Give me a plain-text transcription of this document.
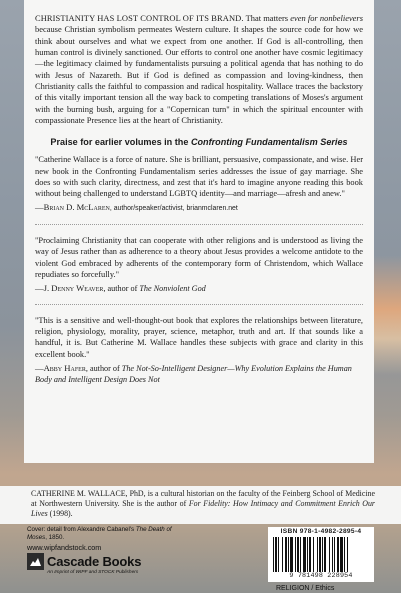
CHRISTIANITY HAS LOST CONTROL OF ITS BRAND. That matters even for nonbelievers because Christian symbolism permeates Western culture. It shapes the source code for how we think about ourselves and what we expect from one another. If God is all-controlling, then human control is divinely sanctioned. Our efforts to control one another have cosmic legitimacy—the legitimacy claimed by fundamentalists pursuing a political agenda that has nothing to do with Jesus of Nazareth. But if God is defined as compassion and loving-kindness, then Christianity calls the faithful to compassion and radical hospitality. Wallace traces the backstory of this vitally important tension all the way back to competing translations of Moses's argument with the burning bush, arguing for a "Copernican turn" in which the spiritual encounter with compassionate Presence lies at the heart of Christianity.

Praise for earlier volumes in the Confronting Fundamentalism Series

"Catherine Wallace is a force of nature. She is brilliant, persuasive, compassionate, and wise. Her new book in the Confronting Fundamentalism series addresses the issue of gay marriage. She does so with such clarity, directness, and zest that it's hard to imagine anyone reading this book without being challenged to understand LGBTQ identity—and marriage—afresh and anew."

—Brian D. McLaren, author/speaker/activist, brianmclaren.net

"Proclaiming Christianity that can cooperate with other religions and is understood as living the way of Jesus rather than as adherence to a theory about Jesus provides a welcome antidote to the violent God embraced by adherents of the contemporary form of Christendom, which Wallace repudiates so forcefully."

—J. Denny Weaver, author of The Nonviolent God

"This is a sensitive and well-thought-out book that explores the relationships between literature, religion, physiology, morality, prayer, science, metaphor, truth and art. If that sounds like a handful, it is. But Catherine M. Wallace handles these subjects with grace and clarity in this excellent book."

—Abby Hafer, author of The Not-So-Intelligent Designer—Why Evolution Explains the Human Body and Intelligent Design Does Not

CATHERINE M. WALLACE, PhD, is a cultural historian on the faculty of the Feinberg School of Medicine at Northwestern University. She is the author of For Fidelity: How Intimacy and Commitment Enrich Our Lives (1998).

Cover: detail from Alexandre Cabanel's The Death of Moses, 1850.
www.wipfandstock.com
Cascade Books
An Imprint of WIPF and STOCK Publishers
ISBN 978-1-4982-2895-4
9 781498 228954
RELIGION / Ethics
